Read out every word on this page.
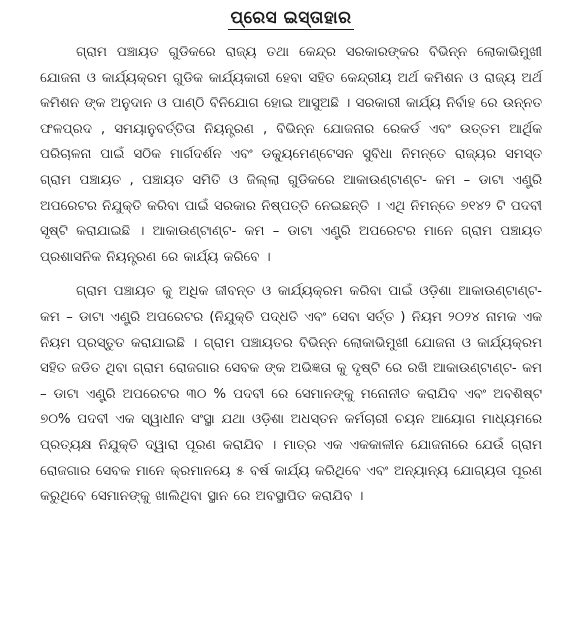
ପ୍ରେସ ଇସ୍ତାହାର

ଗ୍ରାମ ପଞ୍ଚାୟତ ଗୁଡିକରେ ରାଜ୍ୟ ତଥା କେନ୍ଦ୍ର ସରକାରଙ୍କର ବିଭିନ୍ନ ଲୋକାଭିମୁଖୀ ଯୋଜନା ଓ କାର୍ଯ୍ୟକ୍ରମ ଗୁଡିକ କାର୍ଯ୍ୟକାରୀ ହେବା ସହିତ କେନ୍ଦ୍ରୀୟ ଅର୍ଥ କମିଶନ ଓ ରାଜ୍ୟ ଅର୍ଥ କମିଶନ ଙ୍କ ଅନୁଦାନ ଓ ପାଣ୍ଠି ବିନିଯୋଗ ହୋଇ ଆସୁଅଛି । ସରକାରୀ କାର୍ଯ୍ୟ ନିର୍ବାହ ରେ ଉନ୍ନତ ଫଳପ୍ରଦ , ସମୟାନୁବର୍ତ୍ତିତା ନିୟନ୍ତ୍ରଣ , ବିଭିନ୍ନ ଯୋଜନାର ରେକର୍ଡ ଏବଂ ଉତ୍ତମ ଆର୍ଥିକ ପରିଚାଳନା ପାଇଁ ସଠିକ ମାର୍ଗଦର୍ଶନ ଏବଂ ଡକ୍ୟୁମେଣ୍ଟେସନ ସୁବିଧା ନିମନ୍ତେ ରାଜ୍ୟର ସମସ୍ତ ଗ୍ରାମ ପଞ୍ଚାୟତ , ପଞ୍ଚାୟତ ସମିତି ଓ ଜିଲ୍ଲା ଗୁଡିକରେ ଆକାଉଣ୍ଟାଣ୍ଟ- କମ – ଡାଟା ଏଣ୍ଟ୍ରି ଅପରେଟର ନିଯୁକ୍ତି କରିବା ପାଇଁ ସରକାର ନିଷ୍ପତ୍ତି ନେଇଛନ୍ତି । ଏଥି ନିମନ୍ତେ ୭୧୪୨ ଟି ପଦବୀ ସୃଷ୍ଟି କରାଯାଇଛି । ଆକାଉଣ୍ଟାଣ୍ଟ- କମ – ଡାଟା ଏଣ୍ଟ୍ରି ଅପରେଟର ମାନେ ଗ୍ରାମ ପଞ୍ଚାୟତ ପ୍ରଶାସନିକ ନିୟନ୍ତ୍ରଣ ରେ କାର୍ଯ୍ୟ କରିବେ ।

ଗ୍ରାମ ପଞ୍ଚାୟତ କୁ ଅଧିକ ଜୀବନ୍ତ ଓ କାର୍ଯ୍ୟକ୍ରମ କରିବା ପାଇଁ ଓଡ଼ିଶା ଆକାଉଣ୍ଟାଣ୍ଟ- କମ – ଡାଟା ଏଣ୍ଟ୍ରି ଅପରେଟର (ନିଯୁକ୍ତି ପଦ୍ଧତି ଏବଂ ସେବା ସର୍ତ୍ତ ) ନିୟମ ୨୦୨୪ ନାମକ ଏକ ନିୟମ ପ୍ରସ୍ତୁତ କରାଯାଇଛି । ଗ୍ରାମ ପଞ୍ଚାୟତର ବିଭିନ୍ନ ଲୋକାଭିମୁଖୀ ଯୋଜନା ଓ କାର୍ଯ୍ୟକ୍ରମ ସହିତ ଜଡିତ ଥିବା ଗ୍ରାମ ରୋଜଗାର ସେବକ ଙ୍କ ଅଭିଜ୍ଞତା କୁ ଦୃଷ୍ଟି ରେ ରଖି ଆକାଉଣ୍ଟାଣ୍ଟ- କମ – ଡାଟା ଏଣ୍ଟ୍ରି ଅପରେଟର ୩୦ % ପଦବୀ ରେ ସେମାନଙ୍କୁ ମନୋନୀତ କରାଯିବ ଏବଂ ଅବଶିଷ୍ଟ ୭୦% ପଦବୀ ଏକ ସ୍ୱାଧୀନ ସଂସ୍ଥା ଯଥା ଓଡ଼ିଶା ଅଧସ୍ତନ କର୍ମଚାରୀ ଚୟନ ଆୟୋଗ ମାଧ୍ୟମରେ ପ୍ରତ୍ୟକ୍ଷ ନିଯୁକ୍ତି ଦ୍ୱାରା ପୂରଣ କରାଯିବ । ମାତ୍ର ଏକ ଏକକାଳୀନ ଯୋଜନାରେ ଯେଉଁ ଗ୍ରାମ ରୋଜଗାର ସେବକ ମାନେ କ୍ରମାନୟେ ୫ ବର୍ଷ କାର୍ଯ୍ୟ କରିଥିବେ ଏବଂ ଅନ୍ୟାନ୍ୟ ଯୋଗ୍ୟତା ପୂରଣ କରୁଥିବେ ସେମାନଙ୍କୁ ଖାଲିଥିବା ସ୍ଥାନ ରେ ଅବସ୍ଥାପିତ କରାଯିବ ।
